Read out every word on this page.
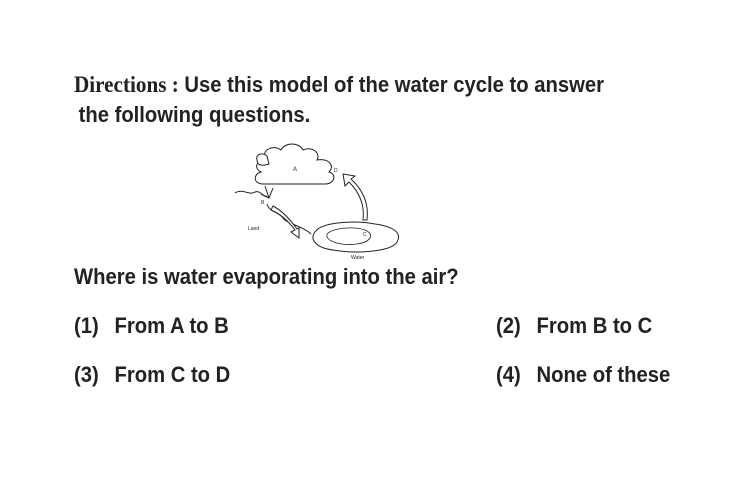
Directions : Use this model of the water cycle to answer
the following questions.
A
B
C
D
Land
Water
Where is water evaporating into the air?
(1) From A to B	(2) From B to C
(3) From C to D	(4) None of these
